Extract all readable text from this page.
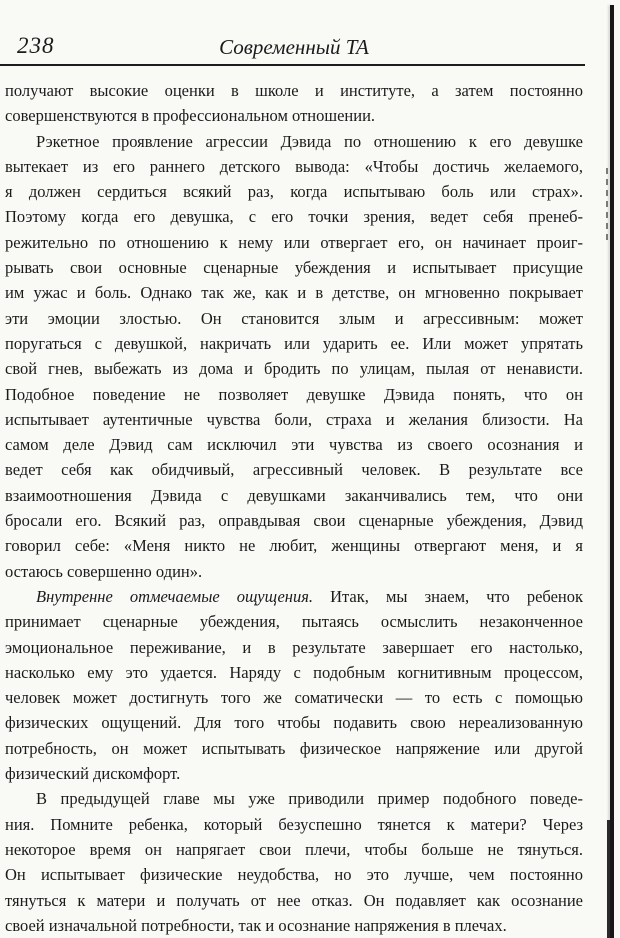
238	Современный ТА
получают высокие оценки в школе и институте, а затем постоянно
совершенствуются в профессиональном отношении.
Рэкетное проявление агрессии Дэвида по отношению к его девушке
вытекает из его раннего детского вывода: «Чтобы достичь желаемого,
я должен сердиться всякий раз, когда испытываю боль или страх».
Поэтому когда его девушка, с его точки зрения, ведет себя пренеб-
режительно по отношению к нему или отвергает его, он начинает проиг-
рывать свои основные сценарные убеждения и испытывает присущие
им ужас и боль. Однако так же, как и в детстве, он мгновенно покрывает
эти эмоции злостью. Он становится злым и агрессивным: может
поругаться с девушкой, накричать или ударить ее. Или может упрятать
свой гнев, выбежать из дома и бродить по улицам, пылая от ненависти.
Подобное поведение не позволяет девушке Дэвида понять, что он
испытывает аутентичные чувства боли, страха и желания близости. На
самом деле Дэвид сам исключил эти чувства из своего осознания и
ведет себя как обидчивый, агрессивный человек. В результате все
взаимоотношения Дэвида с девушками заканчивались тем, что они
бросали его. Всякий раз, оправдывая свои сценарные убеждения, Дэвид
говорил себе: «Меня никто не любит, женщины отвергают меня, и я
остаюсь совершенно один».
Внутренне отмечаемые ощущения. Итак, мы знаем, что ребенок
принимает сценарные убеждения, пытаясь осмыслить незаконченное
эмоциональное переживание, и в результате завершает его настолько,
насколько ему это удается. Наряду с подобным когнитивным процессом,
человек может достигнуть того же соматически — то есть с помощью
физических ощущений. Для того чтобы подавить свою нереализованную
потребность, он может испытывать физическое напряжение или другой
физический дискомфорт.
В предыдущей главе мы уже приводили пример подобного поведе-
ния. Помните ребенка, который безуспешно тянется к матери? Через
некоторое время он напрягает свои плечи, чтобы больше не тянуться.
Он испытывает физические неудобства, но это лучше, чем постоянно
тянуться к матери и получать от нее отказ. Он подавляет как осознание
своей изначальной потребности, так и осознание напряжения в плечах.
